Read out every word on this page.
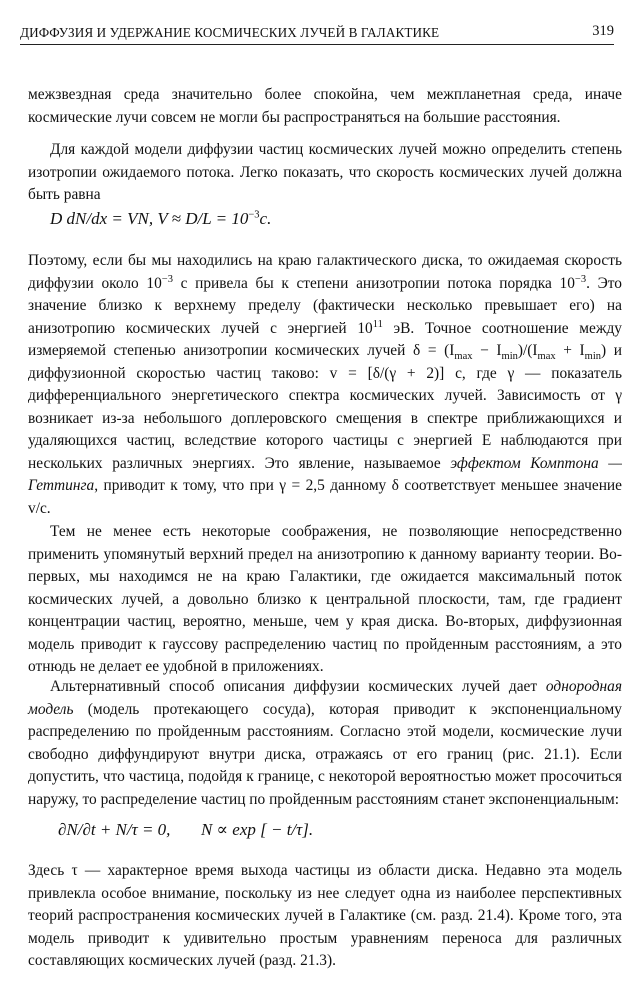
ДИФФУЗИЯ И УДЕРЖАНИЕ КОСМИЧЕСКИХ ЛУЧЕЙ В ГАЛАКТИКЕ	319

межзвездная среда значительно более спокойна, чем межпланетная среда, иначе космические лучи совсем не могли бы распространяться на большие расстояния.

Для каждой модели диффузии частиц космических лучей можно определить степень изотропии ожидаемого потока. Легко показать, что скорость космических лучей должна быть равна

D dN/dx = VN, $V \approx D/L = 10^{-3}c$.

Поэтому, если бы мы находились на краю галактического диска, то ожидаемая скорость диффузии около $10^{-3}$ c привела бы к степени анизотропии потока порядка $10^{-3}$. Это значение близко к верхнему пределу (фактически несколько превышает его) на анизотропию космических лучей с энергией $10^{11}$ эВ. Точное соотношение между измеряемой степенью анизотропии космических лучей $\delta = (I_{max} - I_{min})/(I_{max} + I_{min})$ и диффузионной скоростью частиц таково: v = [δ/(γ + 2)] c, где γ — показатель дифференциального энергетического спектра космических лучей. Зависимость от γ возникает из-за небольшого доплеровского смещения в спектре приближающихся и удаляющихся частиц, вследствие которого частицы с энергией E наблюдаются при нескольких различных энергиях. Это явление, называемое эффектом Комптона — Геттинга, приводит к тому, что при γ = 2,5 данному δ соответствует меньшее значение v/c.

Тем не менее есть некоторые соображения, не позволяющие непосредственно применить упомянутый верхний предел на анизотропию к данному варианту теории. Во-первых, мы находимся не на краю Галактики, где ожидается максимальный поток космических лучей, а довольно близко к центральной плоскости, там, где градиент концентрации частиц, вероятно, меньше, чем у края диска. Во-вторых, диффузионная модель приводит к гауссову распределению частиц по пройденным расстояниям, а это отнюдь не делает ее удобной в приложениях.

Альтернативный способ описания диффузии космических лучей дает однородная модель (модель протекающего сосуда), которая приводит к экспоненциальному распределению по пройденным расстояниям. Согласно этой модели, космические лучи свободно диффундируют внутри диска, отражаясь от его границ (рис. 21.1). Если допустить, что частица, подойдя к границе, с некоторой вероятностью может просочиться наружу, то распределение частиц по пройденным расстояниям станет экспоненциальным:

∂N/∂t + N/τ = 0, N ∝ exp [ − t/τ].

Здесь τ — характерное время выхода частицы из области диска. Недавно эта модель привлекла особое внимание, поскольку из нее следует одна из наиболее перспективных теорий распространения космических лучей в Галактике (см. разд. 21.4). Кроме того, эта модель приводит к удивительно простым уравнениям переноса для различных составляющих космических лучей (разд. 21.3).
